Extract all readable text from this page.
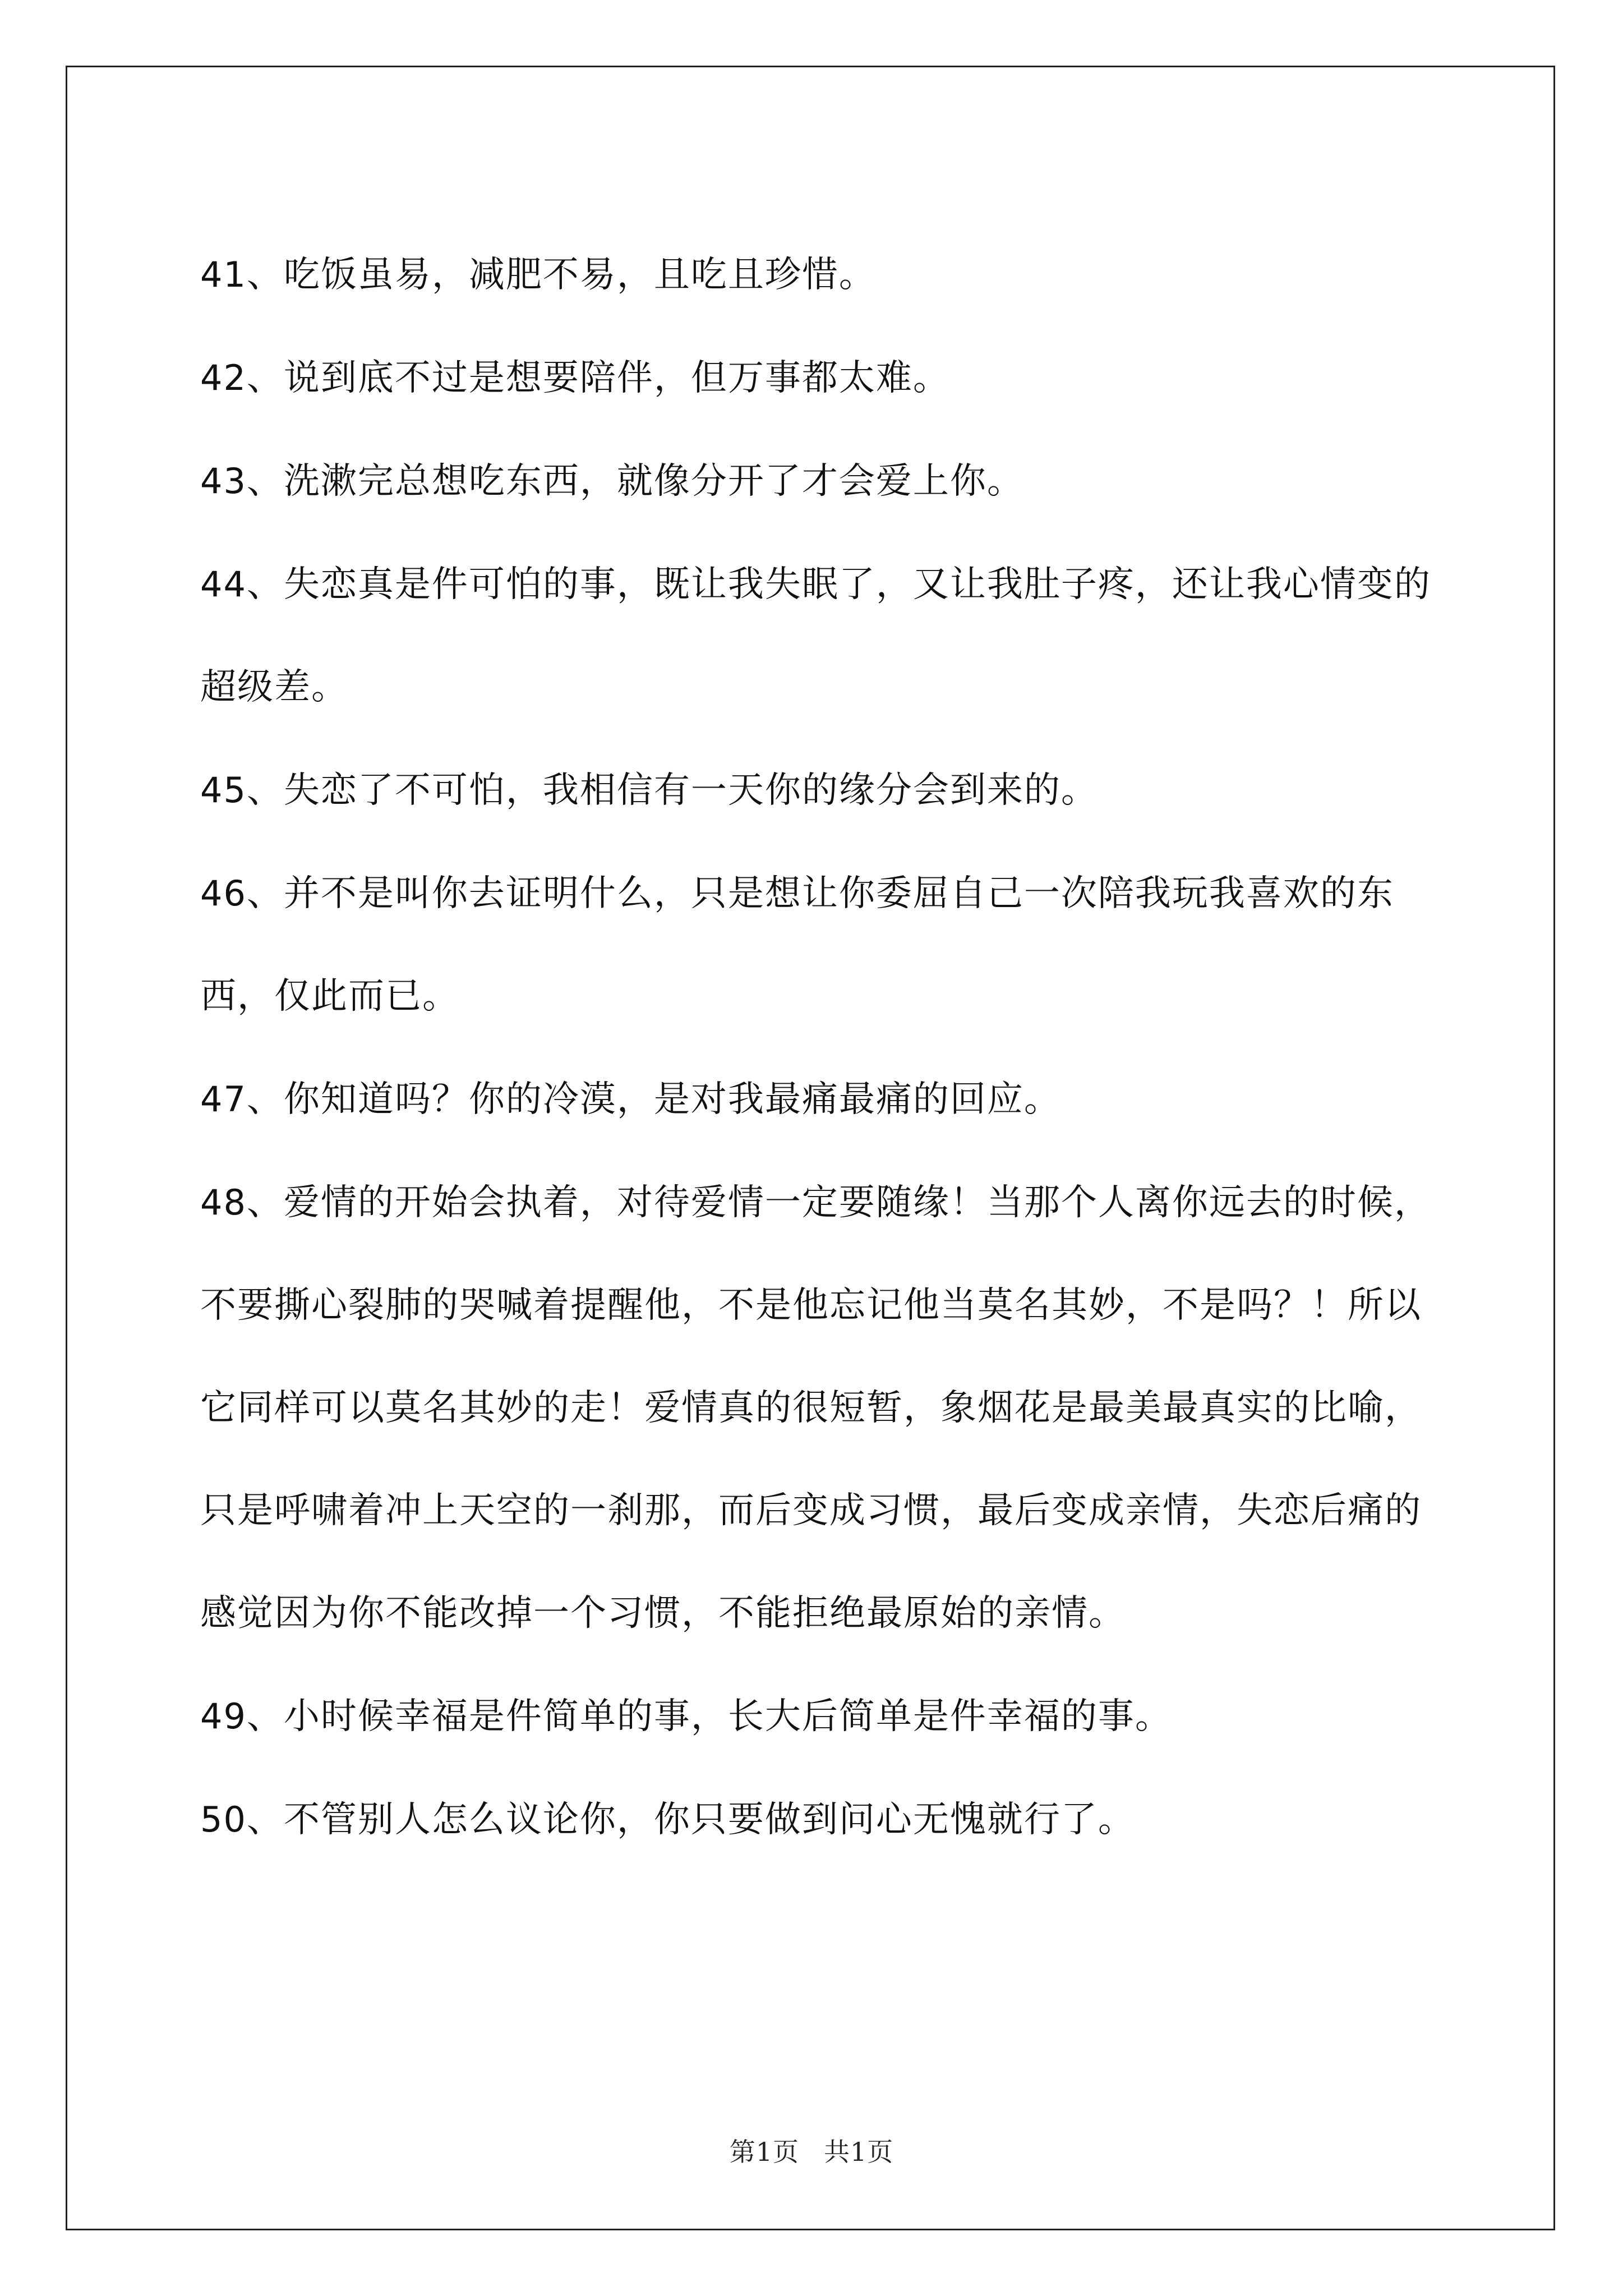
41、吃饭虽易，减肥不易，且吃且珍惜。

42、说到底不过是想要陪伴，但万事都太难。

43、洗漱完总想吃东西，就像分开了才会爱上你。

44、失恋真是件可怕的事，既让我失眠了，又让我肚子疼，还让我心情变的超级差。

45、失恋了不可怕，我相信有一天你的缘分会到来的。

46、并不是叫你去证明什么，只是想让你委屈自己一次陪我玩我喜欢的东西，仅此而已。

47、你知道吗？你的冷漠，是对我最痛最痛的回应。

48、爱情的开始会执着，对待爱情一定要随缘！当那个人离你远去的时候，不要撕心裂肺的哭喊着提醒他，不是他忘记他当莫名其妙，不是吗？！所以它同样可以莫名其妙的走！爱情真的很短暂，象烟花是最美最真实的比喻，只是呼啸着冲上天空的一刹那，而后变成习惯，最后变成亲情，失恋后痛的感觉因为你不能改掉一个习惯，不能拒绝最原始的亲情。

49、小时候幸福是件简单的事，长大后简单是件幸福的事。

50、不管别人怎么议论你，你只要做到问心无愧就行了。

第1页 共1页
